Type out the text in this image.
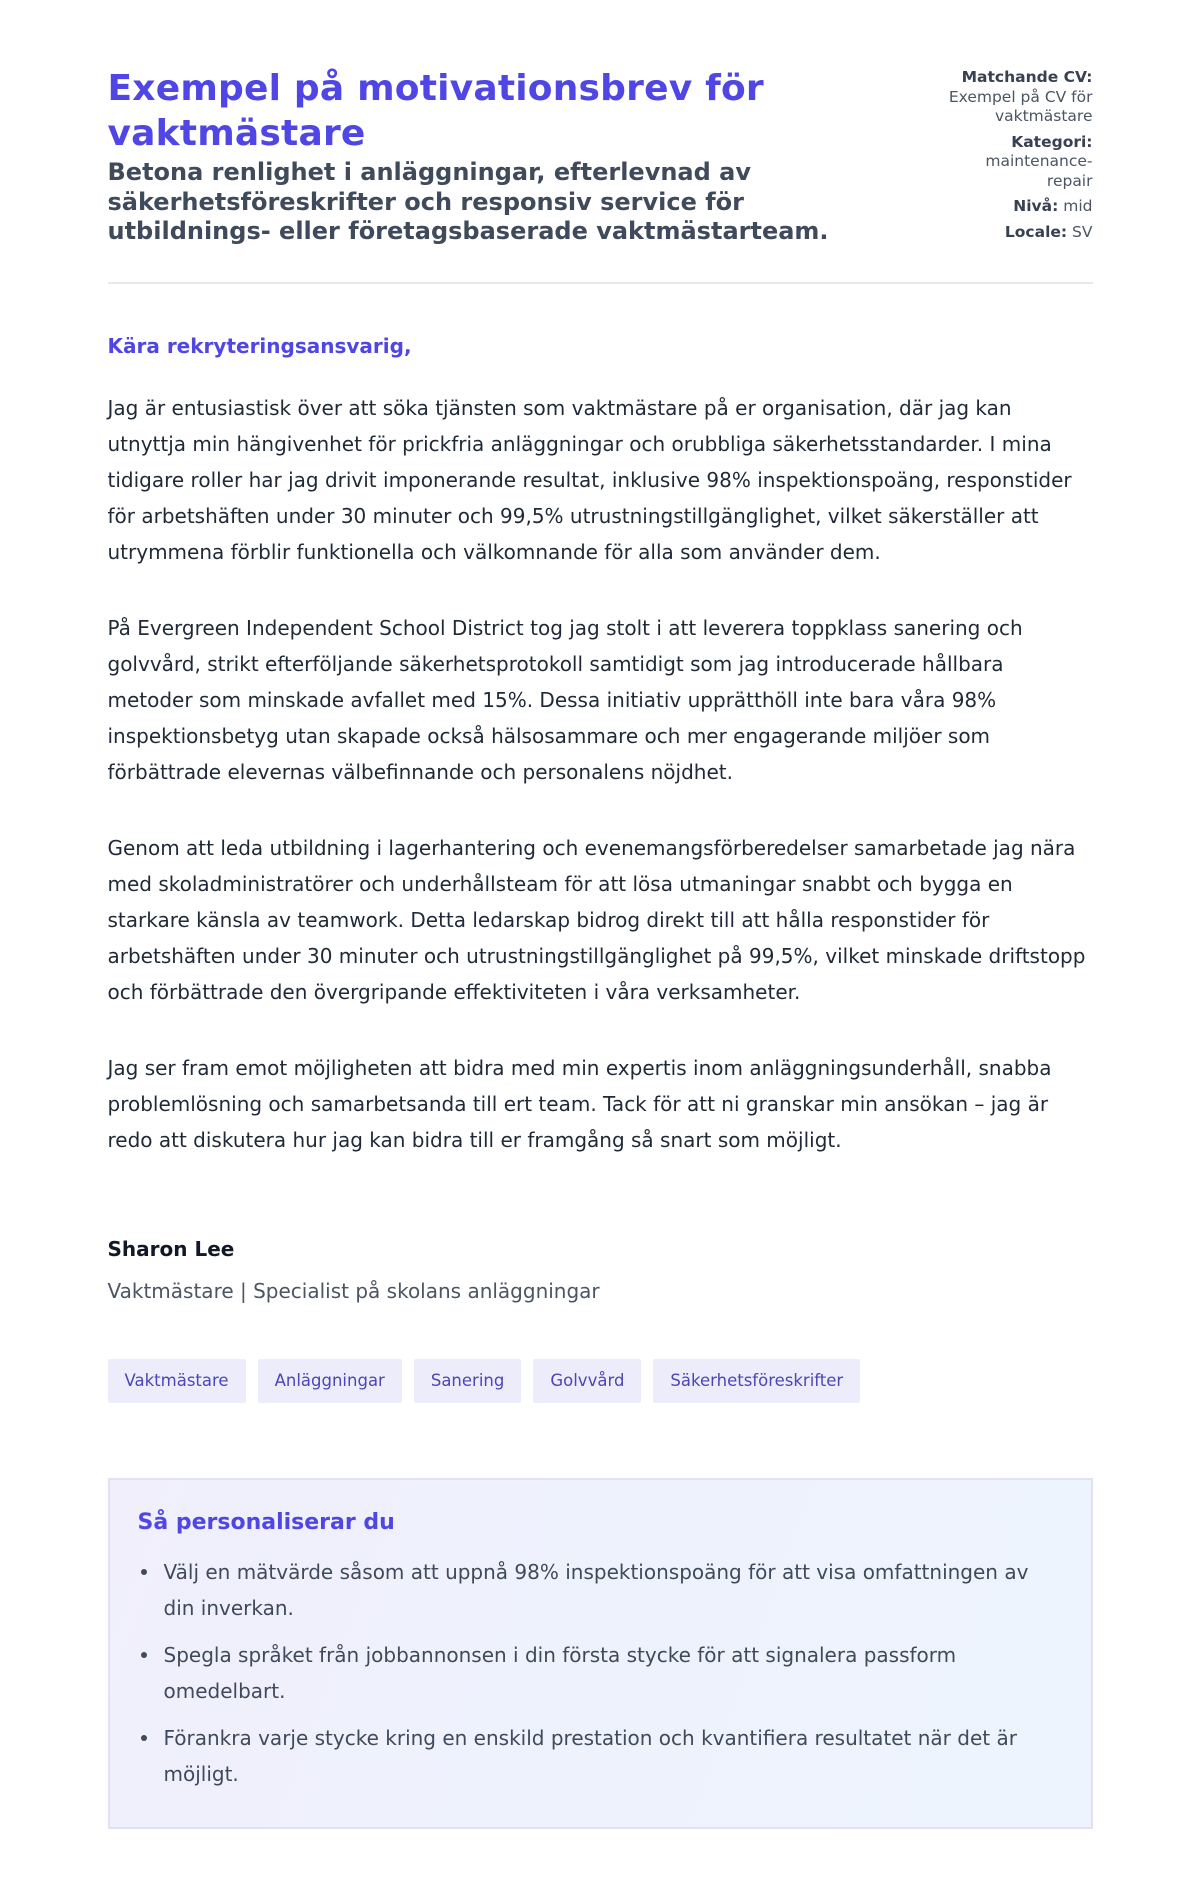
Exempel på motivationsbrev för vaktmästare
Betona renlighet i anläggningar, efterlevnad av säkerhetsföreskrifter och responsiv service för utbildnings- eller företagsbaserade vaktmästarteam.
Matchande CV:
Exempel på CV för vaktmästare
Kategori:
maintenance-repair
Nivå: mid
Locale: SV

Kära rekryteringsansvarig,

Jag är entusiastisk över att söka tjänsten som vaktmästare på er organisation, där jag kan utnyttja min hängivenhet för prickfria anläggningar och orubbliga säkerhetsstandarder. I mina tidigare roller har jag drivit imponerande resultat, inklusive 98% inspektionspoäng, responstider för arbetshäften under 30 minuter och 99,5% utrustningstillgänglighet, vilket säkerställer att utrymmena förblir funktionella och välkomnande för alla som använder dem.

På Evergreen Independent School District tog jag stolt i att leverera toppklass sanering och golvvård, strikt efterföljande säkerhetsprotokoll samtidigt som jag introducerade hållbara metoder som minskade avfallet med 15%. Dessa initiativ upprätthöll inte bara våra 98% inspektionsbetyg utan skapade också hälsosammare och mer engagerande miljöer som förbättrade elevernas välbefinnande och personalens nöjdhet.

Genom att leda utbildning i lagerhantering och evenemangsförberedelser samarbetade jag nära med skoladministratörer och underhållsteam för att lösa utmaningar snabbt och bygga en starkare känsla av teamwork. Detta ledarskap bidrog direkt till att hålla responstider för arbetshäften under 30 minuter och utrustningstillgänglighet på 99,5%, vilket minskade driftstopp och förbättrade den övergripande effektiviteten i våra verksamheter.

Jag ser fram emot möjligheten att bidra med min expertis inom anläggningsunderhåll, snabba problemlösning och samarbetsanda till ert team. Tack för att ni granskar min ansökan – jag är redo att diskutera hur jag kan bidra till er framgång så snart som möjligt.

Sharon Lee
Vaktmästare | Specialist på skolans anläggningar
Vaktmästare	Anläggningar	Sanering	Golvvård	Säkerhetsföreskrifter
Så personaliserar du
Välj en mätvärde såsom att uppnå 98% inspektionspoäng för att visa omfattningen av din inverkan.
Spegla språket från jobbannonsen i din första stycke för att signalera passform omedelbart.
Förankra varje stycke kring en enskild prestation och kvantifiera resultatet när det är möjligt.
